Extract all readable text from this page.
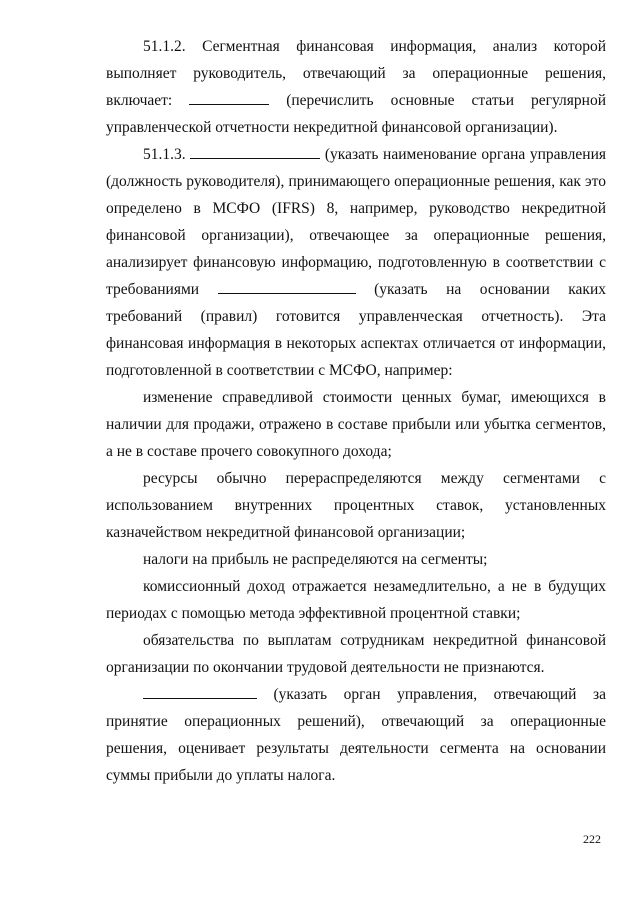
51.1.2. Сегментная финансовая информация, анализ которой выполняет руководитель, отвечающий за операционные решения, включает:	(перечислить основные статьи регулярной управленческой отчетности некредитной финансовой организации).

51.1.3.	(указать наименование органа управления (должность руководителя), принимающего операционные решения, как это определено в МСФО (IFRS) 8, например, руководство некредитной финансовой организации), отвечающее за операционные решения, анализирует финансовую информацию, подготовленную в соответствии с требованиями	(указать на основании каких требований (правил) готовится управленческая отчетность). Эта финансовая информация в некоторых аспектах отличается от информации, подготовленной в соответствии с МСФО, например:

изменение справедливой стоимости ценных бумаг, имеющихся в наличии для продажи, отражено в составе прибыли или убытка сегментов, а не в составе прочего совокупного дохода;

ресурсы обычно перераспределяются между сегментами с использованием внутренних процентных ставок, установленных казначейством некредитной финансовой организации;

налоги на прибыль не распределяются на сегменты;

комиссионный доход отражается незамедлительно, а не в будущих периодах с помощью метода эффективной процентной ставки;

обязательства по выплатам сотрудникам некредитной финансовой организации по окончании трудовой деятельности не признаются.

(указать орган управления, отвечающий за принятие операционных решений), отвечающий за операционные решения, оценивает результаты деятельности сегмента на основании суммы прибыли до уплаты налога.

222
